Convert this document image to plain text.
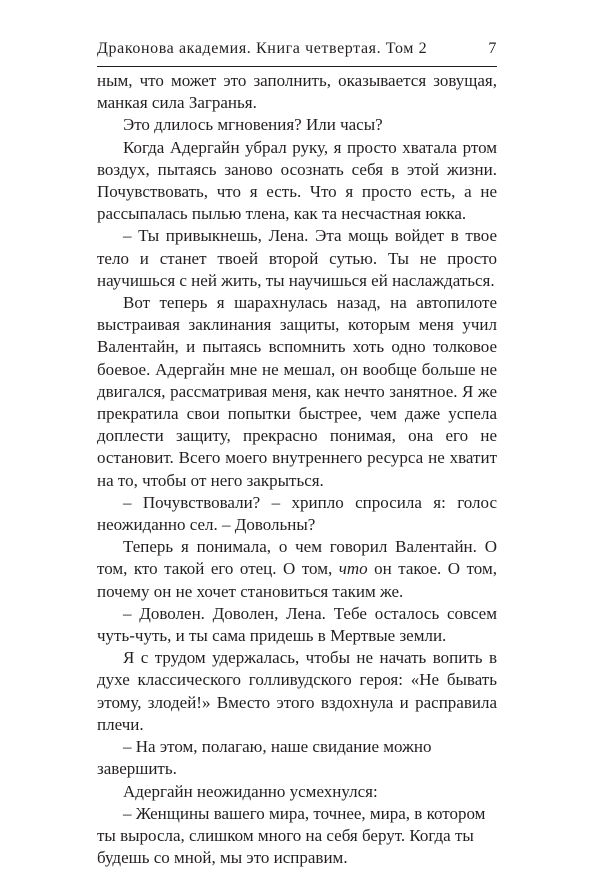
Драконова академия. Книга четвертая. Том 2	7

ным, что может это заполнить, оказывается зовущая, манкая сила Загранья.

Это длилось мгновения? Или часы?

Когда Адергайн убрал руку, я просто хватала ртом воздух, пытаясь заново осознать себя в этой жизни. Почувствовать, что я есть. Что я просто есть, а не рассыпалась пылью тлена, как та несчастная юкка.

– Ты привыкнешь, Лена. Эта мощь войдет в твое тело и станет твоей второй сутью. Ты не просто научишься с ней жить, ты научишься ей наслаждаться.

Вот теперь я шарахнулась назад, на автопилоте выстраивая заклинания защиты, которым меня учил Валентайн, и пытаясь вспомнить хоть одно толковое боевое. Адергайн мне не мешал, он вообще больше не двигался, рассматривая меня, как нечто занятное. Я же прекратила свои попытки быстрее, чем даже успела доплести защиту, прекрасно понимая, она его не остановит. Всего моего внутреннего ресурса не хватит на то, чтобы от него закрыться.

– Почувствовали? – хрипло спросила я: голос неожиданно сел. – Довольны?

Теперь я понимала, о чем говорил Валентайн. О том, кто такой его отец. О том, что он такое. О том, почему он не хочет становиться таким же.

– Доволен. Доволен, Лена. Тебе осталось совсем чуть-чуть, и ты сама придешь в Мертвые земли.

Я с трудом удержалась, чтобы не начать вопить в духе классического голливудского героя: «Не бывать этому, злодей!» Вместо этого вздохнула и расправила плечи.

– На этом, полагаю, наше свидание можно завершить.

Адергайн неожиданно усмехнулся:

– Женщины вашего мира, точнее, мира, в котором ты выросла, слишком много на себя берут. Когда ты будешь со мной, мы это исправим.
